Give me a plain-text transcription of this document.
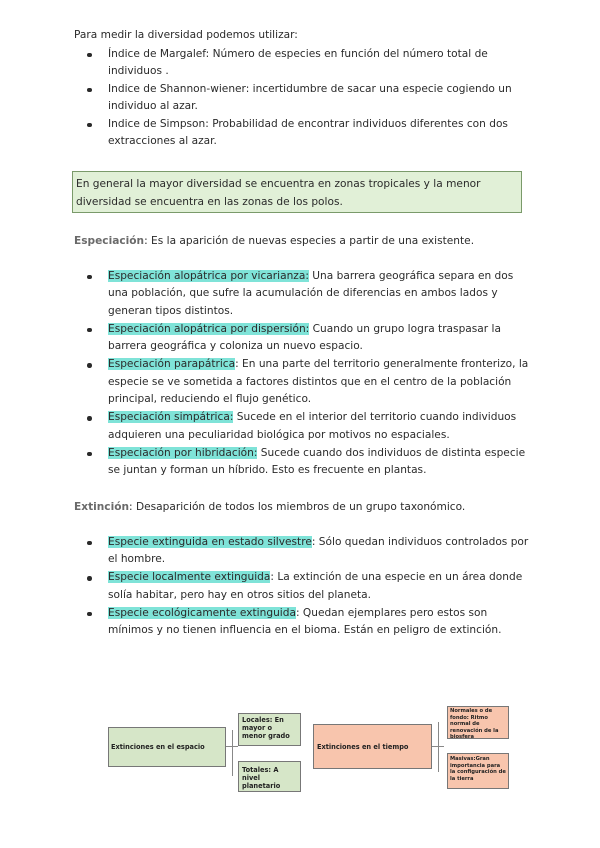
Para medir la diversidad podemos utilizar:
Índice de Margalef: Número de especies en función del número total de individuos .
Indice de Shannon-wiener: incertidumbre de sacar una especie cogiendo un individuo al azar.
Indice de Simpson: Probabilidad de encontrar individuos diferentes con dos extracciones al azar.
En general la mayor diversidad se encuentra en zonas tropicales y la menor diversidad se encuentra en las zonas de los polos.
Especiación: Es la aparición de nuevas especies a partir de una existente.
Especiación alopátrica por vicarianza: Una barrera geográfica separa en dos una población, que sufre la acumulación de diferencias en ambos lados y generan tipos distintos.
Especiación alopátrica por dispersión: Cuando un grupo logra traspasar la barrera geográfica y coloniza un nuevo espacio.
Especiación parapátrica: En una parte del territorio generalmente fronterizo, la especie se ve sometida a factores distintos que en el centro de la población principal, reduciendo el flujo genético.
Especiación simpátrica: Sucede en el interior del territorio cuando individuos adquieren una peculiaridad biológica por motivos no espaciales.
Especiación por hibridación: Sucede cuando dos individuos de distinta especie se juntan y forman un híbrido. Esto es frecuente en plantas.
Extinción: Desaparición de todos los miembros de un grupo taxonómico.
Especie extinguida en estado silvestre: Sólo quedan individuos controlados por el hombre.
Especie localmente extinguida: La extinción de una especie en un área donde solía habitar, pero hay en otros sitios del planeta.
Especie ecológicamente extinguida: Quedan ejemplares pero estos son mínimos y no tienen influencia en el bioma. Están en peligro de extinción.
Extinciones en el espacio
Locales: En mayor o menor grado
Totales: A nivel planetario
Extinciones en el tiempo
Normales o de fondo: Ritmo normal de renovación de la biosfera
Masivas:Gran importancia para la configuración de la tierra
